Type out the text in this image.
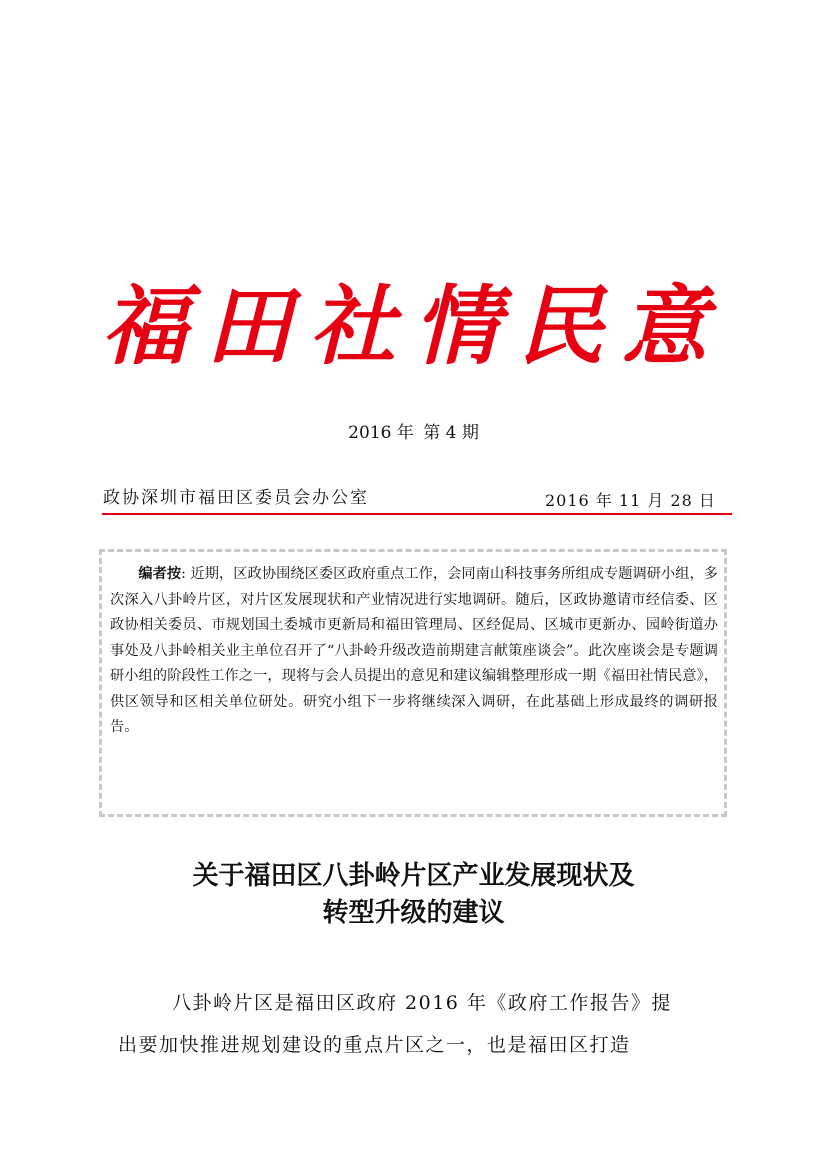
福田社情民意
2016 年 第 4 期
政协深圳市福田区委员会办公室	2016 年 11 月 28 日

编者按: 近期，区政协围绕区委区政府重点工作，会同南山科技事务所组成专题调研小组，多次深入八卦岭片区，对片区发展现状和产业情况进行实地调研。随后，区政协邀请市经信委、区政协相关委员、市规划国土委城市更新局和福田管理局、区经促局、区城市更新办、园岭街道办事处及八卦岭相关业主单位召开了“八卦岭升级改造前期建言献策座谈会”。此次座谈会是专题调研小组的阶段性工作之一，现将与会人员提出的意见和建议编辑整理形成一期《福田社情民意》，供区领导和区相关单位研处。研究小组下一步将继续深入调研，在此基础上形成最终的调研报告。

关于福田区八卦岭片区产业发展现状及
转型升级的建议
八卦岭片区是福田区政府 2016 年《政府工作报告》提
出要加快推进规划建设的重点片区之一，也是福田区打造
